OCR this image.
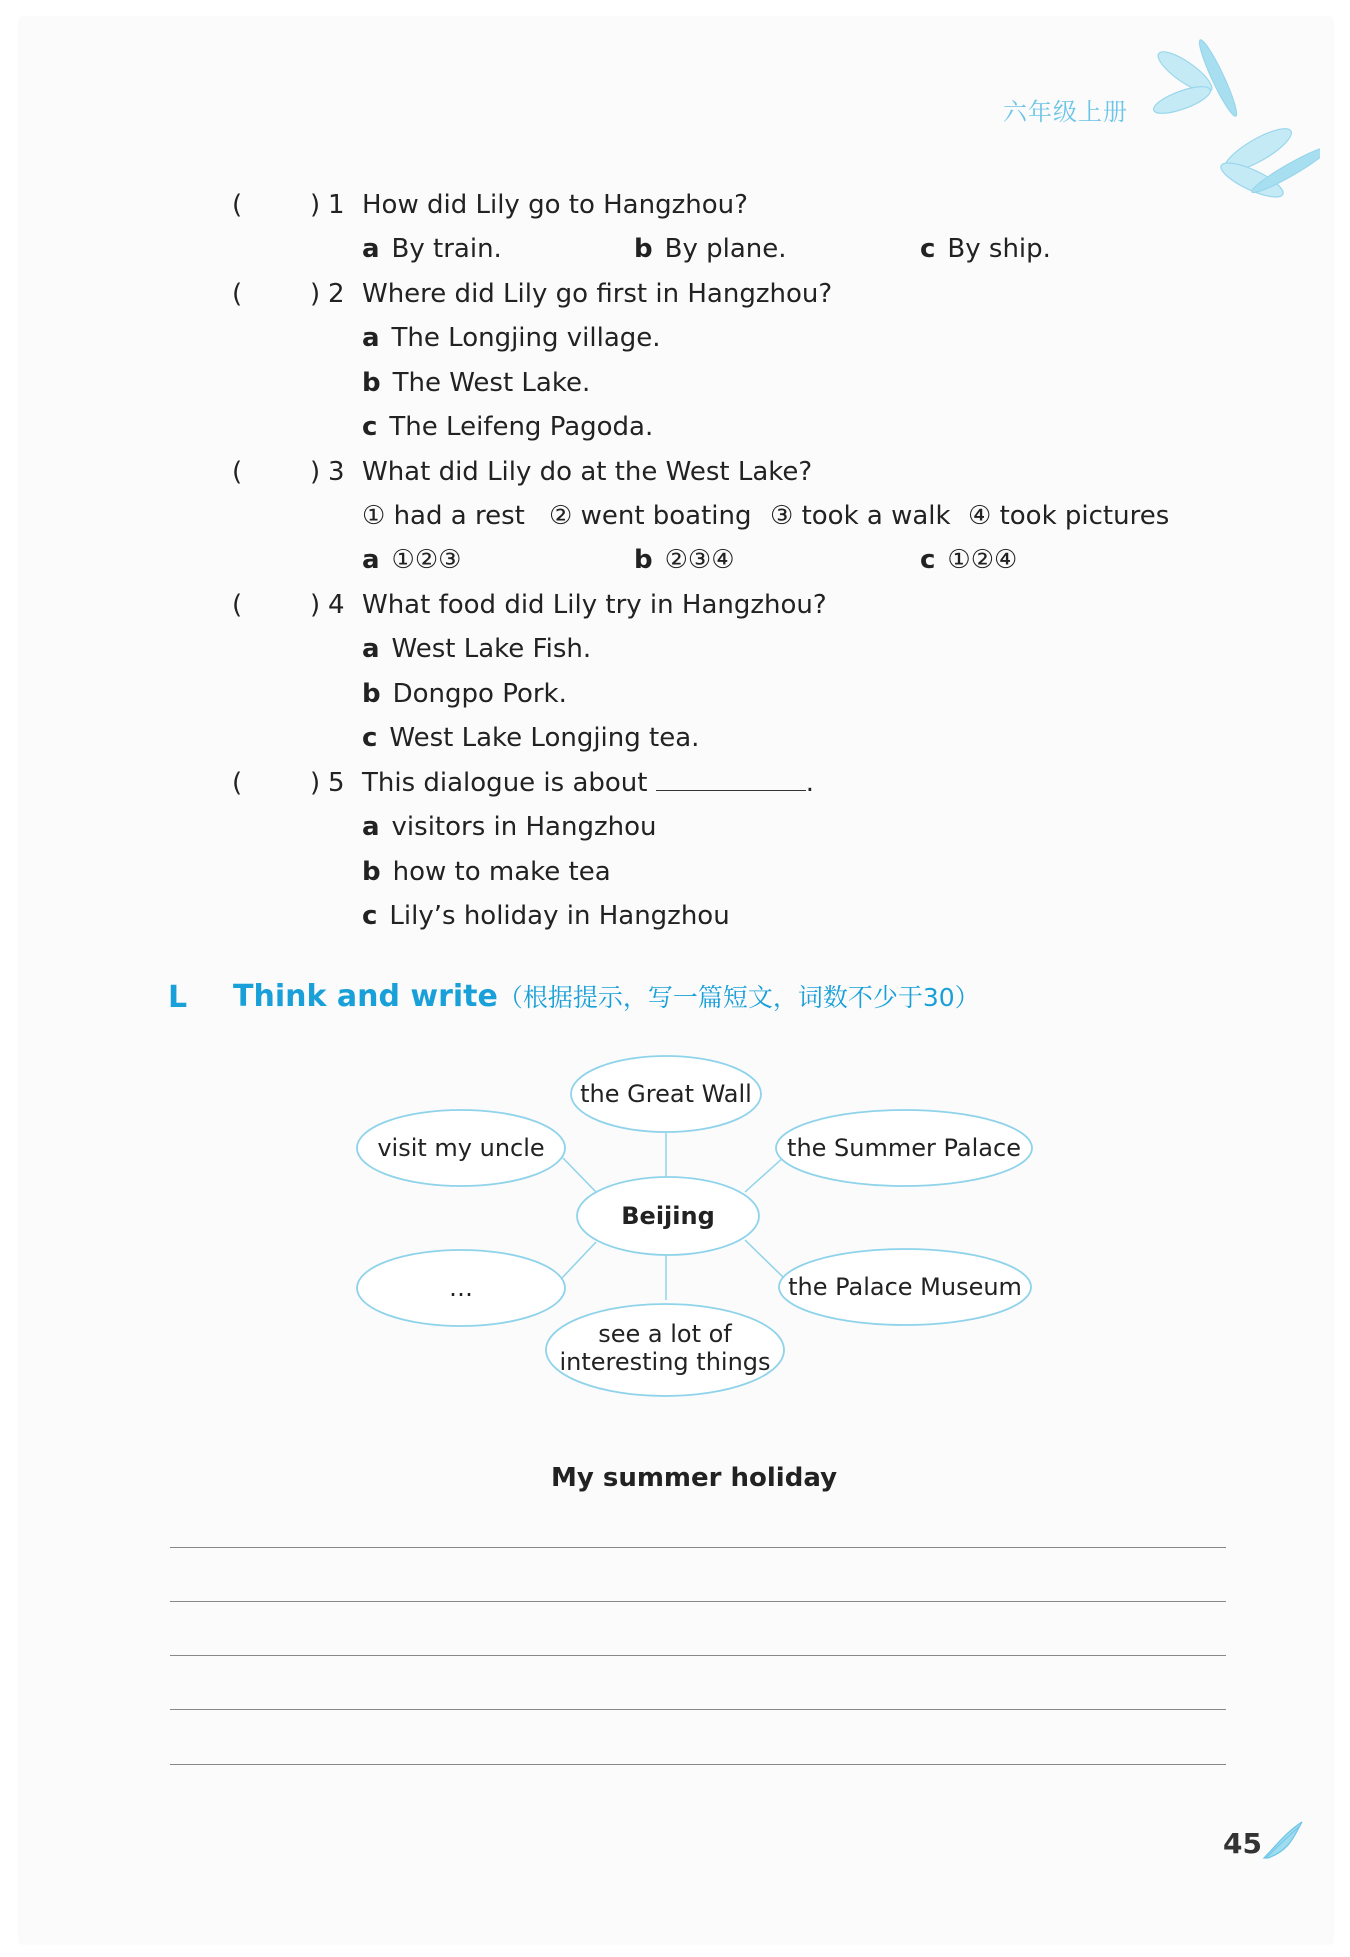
六年级上册
(	) 1 How did Lily go to Hangzhou?
a By train.	b By plane.	c By ship.
(	) 2 Where did Lily go first in Hangzhou?
a The Longjing village.
b The West Lake.
c The Leifeng Pagoda.
(	) 3 What did Lily do at the West Lake?
① had a rest ② went boating ③ took a walk ④ took pictures
a ①②③	b ②③④	c ①②④
(	) 4 What food did Lily try in Hangzhou?
a West Lake Fish.
b Dongpo Pork.
c West Lake Longjing tea.
(	) 5 This dialogue is about	.
a visitors in Hangzhou
b how to make tea
c Lily’s holiday in Hangzhou
L Think and write（根据提示，写一篇短文，词数不少于30）
the Great Wall
visit my uncle	the Summer Palace
Beijing
…	the Palace Museum
see a lot of
interesting things
My summer holiday
45
